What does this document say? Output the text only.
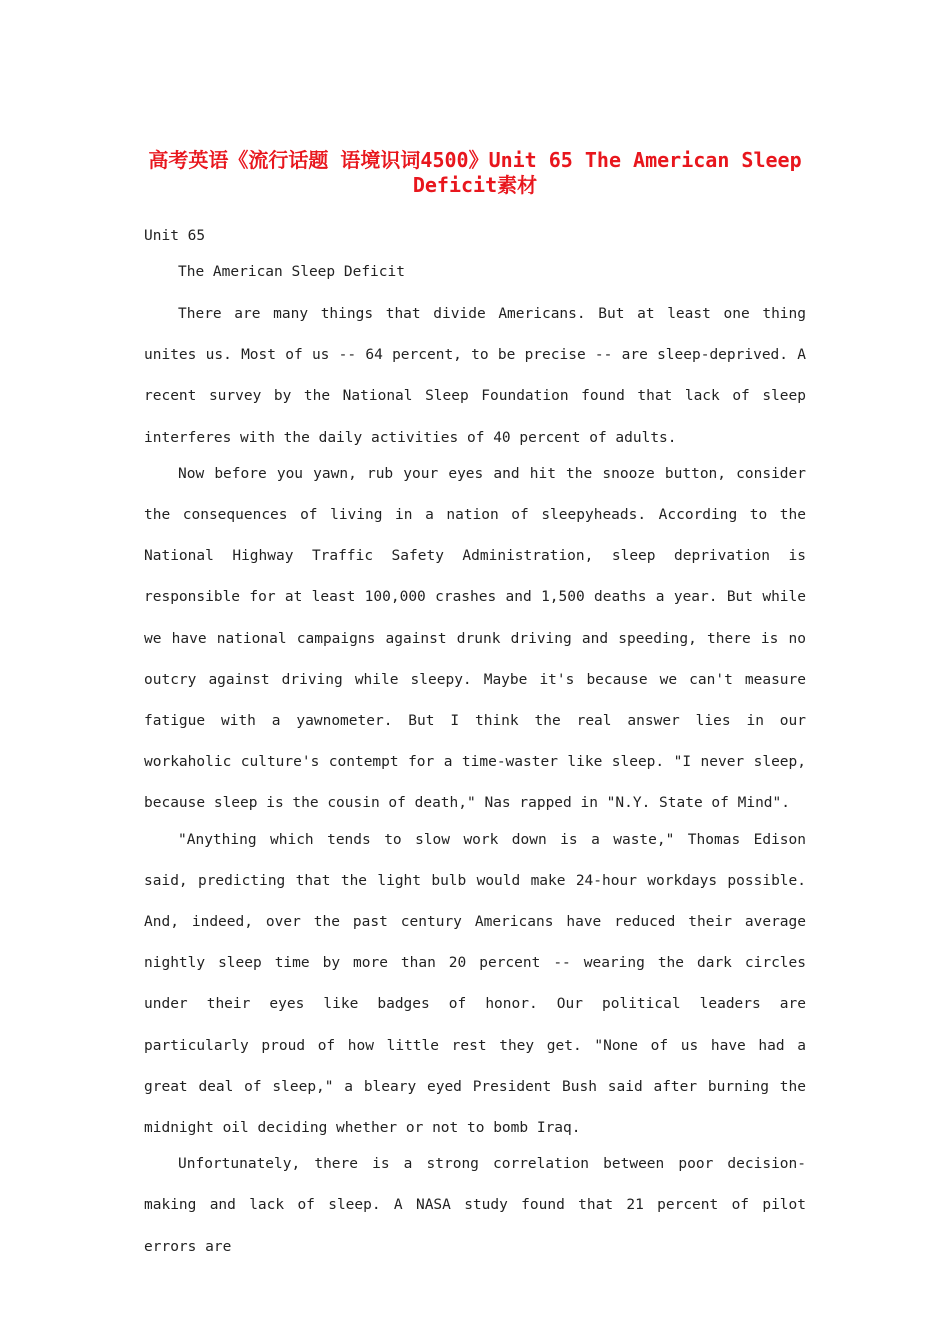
高考英语《流行话题 语境识词4500》Unit 65 The American Sleep Deficit素材
Unit 65
The American Sleep Deficit

There are many things that divide Americans. But at least one thing unites us. Most of us -- 64 percent, to be precise -- are sleep-deprived. A recent survey by the National Sleep Foundation found that lack of sleep interferes with the daily activities of 40 percent of adults.

Now before you yawn, rub your eyes and hit the snooze button, consider the consequences of living in a nation of sleepyheads. According to the National Highway Traffic Safety Administration, sleep deprivation is responsible for at least 100,000 crashes and 1,500 deaths a year. But while we have national campaigns against drunk driving and speeding, there is no outcry against driving while sleepy. Maybe it's because we can't measure fatigue with a yawnometer. But I think the real answer lies in our workaholic culture's contempt for a time-waster like sleep. "I never sleep, because sleep is the cousin of death," Nas rapped in "N.Y. State of Mind".

"Anything which tends to slow work down is a waste," Thomas Edison said, predicting that the light bulb would make 24-hour workdays possible. And, indeed, over the past century Americans have reduced their average nightly sleep time by more than 20 percent -- wearing the dark circles under their eyes like badges of honor. Our political leaders are particularly proud of how little rest they get. "None of us have had a great deal of sleep," a bleary eyed President Bush said after burning the midnight oil deciding whether or not to bomb Iraq.

Unfortunately, there is a strong correlation between poor decision-making and lack of sleep. A NASA study found that 21 percent of pilot errors are
